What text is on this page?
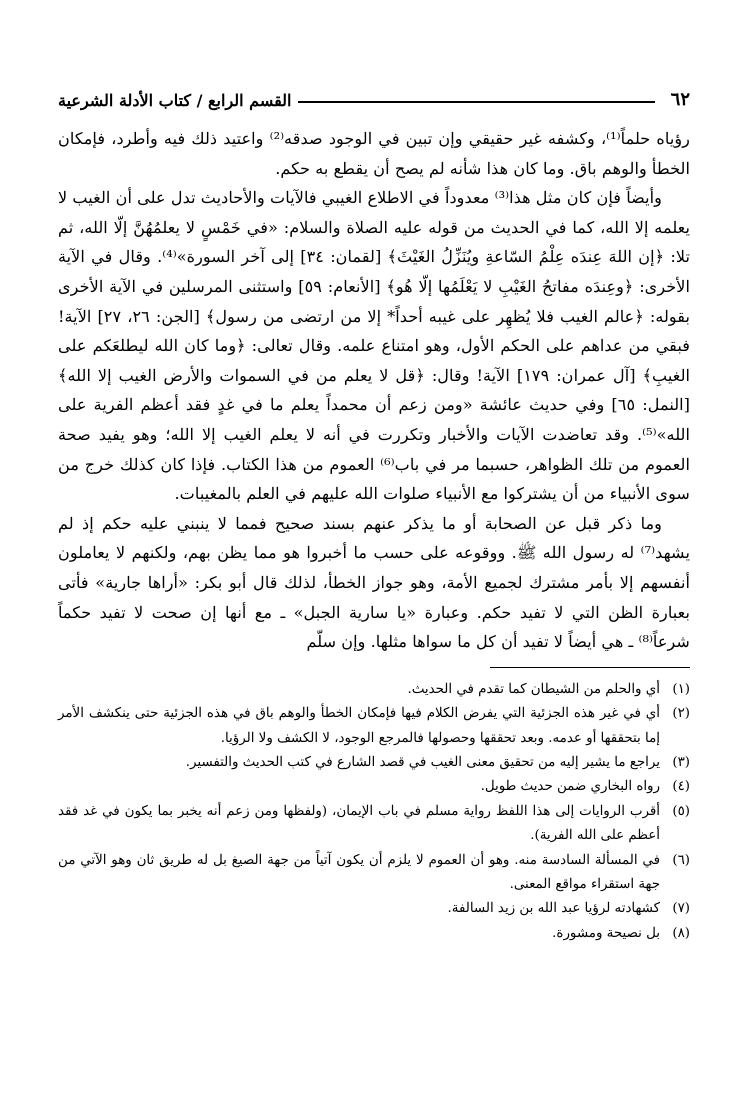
٦٢
القسم الرابع / كتاب الأدلة الشرعية

رؤياه حلماً⁽¹⁾، وكشفه غير حقيقي وإن تبين في الوجود صدقه⁽²⁾ واعتيد ذلك فيه وأطرد، فإمكان الخطأ والوهم باق. وما كان هذا شأنه لم يصح أن يقطع به حكم.

وأيضاً فإن كان مثل هذا⁽³⁾ معدوداً في الاطلاع الغيبي فالآيات والأحاديث تدل على أن الغيب لا يعلمه إلا الله، كما في الحديث من قوله عليه الصلاة والسلام: «في خَمْسٍ لا يعلمُهُنَّ إلّا الله، ثم تلا: ﴿إن اللهَ عِندَه عِلْمُ السّاعةِ ويُنَزِّلُ الغَيْثَ﴾ [لقمان: ٣٤] إلى آخر السورة»⁽⁴⁾. وقال في الآية الأخرى: ﴿وعِندَه مفاتحُ الغَيْبِ لا يَعْلَمُها إلّا هُو﴾ [الأنعام: ٥٩] واستثنى المرسلين في الآية الأخرى بقوله: ﴿عالم الغيب فلا يُظهِر على غيبه أحداً* إلا من ارتضى من رسول﴾ [الجن: ٢٦، ٢٧] الآية! فبقي من عداهم على الحكم الأول، وهو امتناع علمه. وقال تعالى: ﴿وما كان الله ليطلعَكم على الغيبِ﴾ [آل عمران: ١٧٩] الآية! وقال: ﴿قل لا يعلم من في السموات والأرض الغيب إلا الله﴾ [النمل: ٦٥] وفي حديث عائشة «ومن زعم أن محمداً يعلم ما في غدٍ فقد أعظم الفرية على الله»⁽⁵⁾. وقد تعاضدت الآيات والأخبار وتكررت في أنه لا يعلم الغيب إلا الله؛ وهو يفيد صحة العموم من تلك الظواهر، حسبما مر في باب⁽⁶⁾ العموم من هذا الكتاب. فإذا كان كذلك خرج من سوى الأنبياء من أن يشتركوا مع الأنبياء صلوات الله عليهم في العلم بالمغيبات.

وما ذكر قبل عن الصحابة أو ما يذكر عنهم بسند صحيح فمما لا ينبني عليه حكم إذ لم يشهد⁽⁷⁾ له رسول الله ﷺ. ووقوعه على حسب ما أخبروا هو مما يظن بهم، ولكنهم لا يعاملون أنفسهم إلا بأمر مشترك لجميع الأمة، وهو جواز الخطأ، لذلك قال أبو بكر: «أراها جارية» فأتى بعبارة الظن التي لا تفيد حكم. وعبارة «يا سارية الجبل» ـ مع أنها إن صحت لا تفيد حكماً شرعاً⁽⁸⁾ ـ هي أيضاً لا تفيد أن كل ما سواها مثلها. وإن سلّم

(١)
أي والحلم من الشيطان كما تقدم في الحديث.
(٢)
أي في غير هذه الجزئية التي يفرض الكلام فيها فإمكان الخطأ والوهم باق في هذه الجزئية حتى ينكشف الأمر إما بتحققها أو عدمه. وبعد تحققها وحصولها فالمرجع الوجود، لا الكشف ولا الرؤيا.
(٣)
يراجع ما يشير إليه من تحقيق معنى الغيب في قصد الشارع في كتب الحديث والتفسير.
(٤)
رواه البخاري ضمن حديث طويل.
(٥)
أقرب الروايات إلى هذا اللفظ رواية مسلم في باب الإيمان، (ولفظها ومن زعم أنه يخبر بما يكون في غد فقد أعظم على الله الفرية).
(٦)
في المسألة السادسة منه. وهو أن العموم لا يلزم أن يكون آتياً من جهة الصيغ بل له طريق ثان وهو الآتي من جهة استقراء مواقع المعنى.
(٧)
كشهادته لرؤيا عبد الله بن زيد السالفة.
(٨)
بل نصيحة ومشورة.
